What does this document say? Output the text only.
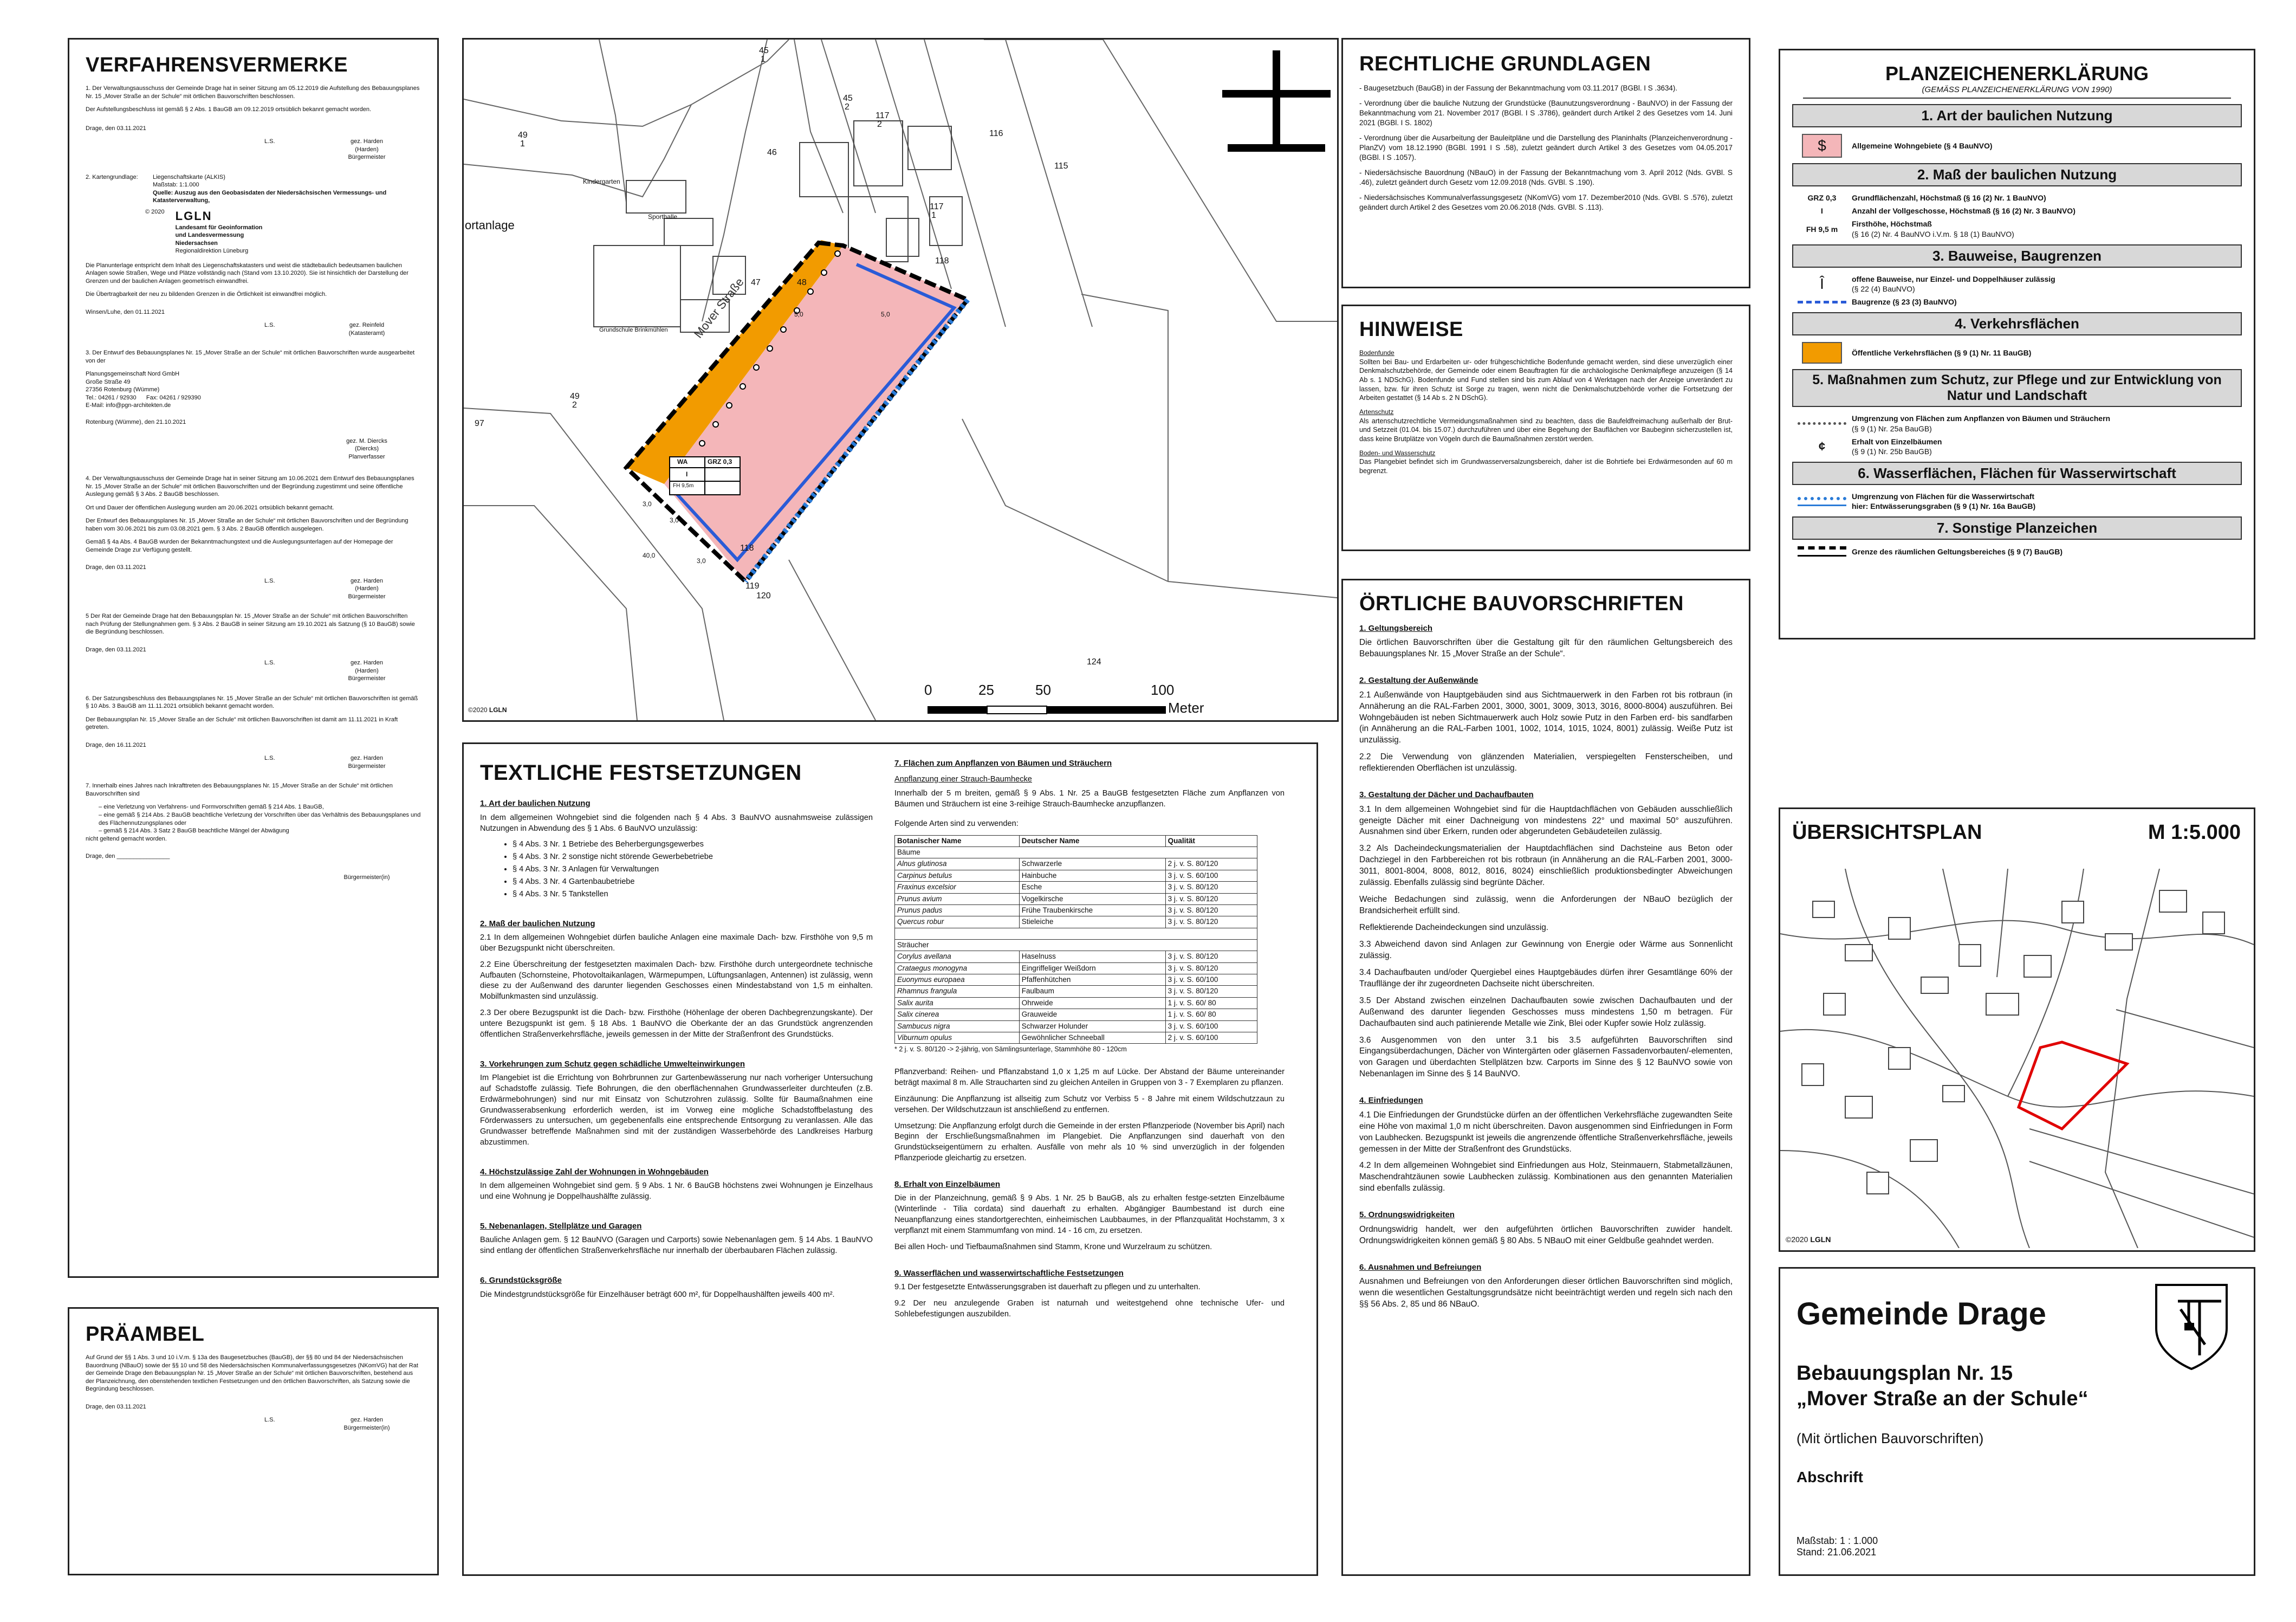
VERFAHRENSVERMERKE

1. Der Verwaltungsausschuss der Gemeinde Drage hat in seiner Sitzung am 05.12.2019 die Aufstellung des Bebauungsplanes Nr. 15 „Mover Straße an der Schule“ mit örtlichen Bauvorschriften beschlossen.

Der Aufstellungsbeschluss ist gemäß § 2 Abs. 1 BauGB am 09.12.2019 ortsüblich bekannt gemacht worden.

Drage, den 03.11.2021

L.S.	gez. Harden
(Harden)
Bürgermeister
2. Kartengrundlage:	Liegenschaftskarte (ALKIS)
Maßstab: 1:1.000
Quelle: Auszug aus den Geobasisdaten der Niedersächsischen Vermessungs- und Katasterverwaltung,
© 2020 LGLN
Landesamt für Geoinformation
und Landesvermessung
Niedersachsen
Regionaldirektion Lüneburg

Die Planunterlage entspricht dem Inhalt des Liegenschaftskatasters und weist die städtebaulich bedeutsamen baulichen Anlagen sowie Straßen, Wege und Plätze vollständig nach (Stand vom 13.10.2020). Sie ist hinsichtlich der Darstellung der Grenzen und der baulichen Anlagen geometrisch einwandfrei.

Die Übertragbarkeit der neu zu bildenden Grenzen in die Örtlichkeit ist einwandfrei möglich.

Winsen/Luhe, den 01.11.2021

L.S.	gez. Reinfeld
(Katasteramt)

3. Der Entwurf des Bebauungsplanes Nr. 15 „Mover Straße an der Schule“ mit örtlichen Bauvorschriften wurde ausgearbeitet von der

Planungsgemeinschaft Nord GmbH
Große Straße 49
27356 Rotenburg (Wümme)
Tel.: 04261 / 92930 Fax: 04261 / 929390
E-Mail: info@pgn-architekten.de

Rotenburg (Wümme), den 21.10.2021

gez. M. Diercks
(Diercks)
Planverfasser

4. Der Verwaltungsausschuss der Gemeinde Drage hat in seiner Sitzung am 10.06.2021 dem Entwurf des Bebauungsplanes Nr. 15 „Mover Straße an der Schule“ mit örtlichen Bauvorschriften und der Begründung zugestimmt und seine öffentliche Auslegung gemäß § 3 Abs. 2 BauGB beschlossen.

Ort und Dauer der öffentlichen Auslegung wurden am 20.06.2021 ortsüblich bekannt gemacht.

Der Entwurf des Bebauungsplanes Nr. 15 „Mover Straße an der Schule“ mit örtlichen Bauvorschriften und der Begründung haben vom 30.06.2021 bis zum 03.08.2021 gem. § 3 Abs. 2 BauGB öffentlich ausgelegen.

Gemäß § 4a Abs. 4 BauGB wurden der Bekanntmachungstext und die Auslegungsunterlagen auf der Homepage der Gemeinde Drage zur Verfügung gestellt.

Drage, den 03.11.2021

L.S.	gez. Harden
(Harden)
Bürgermeister

5 Der Rat der Gemeinde Drage hat den Bebauungsplan Nr. 15 „Mover Straße an der Schule“ mit örtlichen Bauvorschriften nach Prüfung der Stellungnahmen gem. § 3 Abs. 2 BauGB in seiner Sitzung am 19.10.2021 als Satzung (§ 10 BauGB) sowie die Begründung beschlossen.

Drage, den 03.11.2021

L.S.	gez. Harden
(Harden)
Bürgermeister

6. Der Satzungsbeschluss des Bebauungsplanes Nr. 15 „Mover Straße an der Schule“ mit örtlichen Bauvorschriften ist gemäß § 10 Abs. 3 BauGB am 11.11.2021 ortsüblich bekannt gemacht worden.

Der Bebauungsplan Nr. 15 „Mover Straße an der Schule“ mit örtlichen Bauvorschriften ist damit am 11.11.2021 in Kraft getreten.

Drage, den 16.11.2021

L.S.	gez. Harden
Bürgermeister

7. Innerhalb eines Jahres nach Inkrafttreten des Bebauungsplanes Nr. 15 „Mover Straße an der Schule“ mit örtlichen Bauvorschriften sind

– eine Verletzung von Verfahrens- und Formvorschriften gemäß § 214 Abs. 1 BauGB,
– eine gemäß § 214 Abs. 2 BauGB beachtliche Verletzung der Vorschriften über das Verhältnis des Bebauungsplanes und des Flächennutzungsplanes oder
– gemäß § 214 Abs. 3 Satz 2 BauGB beachtliche Mängel der Abwägung

nicht geltend gemacht worden.

Drage, den ________________

Bürgermeister(in)
PRÄAMBEL

Auf Grund der §§ 1 Abs. 3 und 10 i.V.m. § 13a des Baugesetzbuches (BauGB), der §§ 80 und 84 der Niedersächsischen Bauordnung (NBauO) sowie der §§ 10 und 58 des Niedersächsischen Kommunalverfassungsgesetzes (NKomVG) hat der Rat der Gemeinde Drage den Bebauungsplan Nr. 15 „Mover Straße an der Schule“ mit örtlichen Bauvorschriften, bestehend aus der Planzeichnung, den obenstehenden textlichen Festsetzungen und den örtlichen Bauvorschriften, als Satzung sowie die Begründung beschlossen.

Drage, den 03.11.2021

L.S.	gez. Harden
Bürgermeister(in)
45
1
45
2
117
2
116
49
1
46
115
117
1
118
47	48
97
49
2
118
119
120
124
Kindergarten
Sporthalle
Grundschule Brinkmühlen
ortanlage
Mover Straße
WA	GRZ 0,3
I
FH 9,5m
5,0	5,0
3,0
3,0
40,0
3,0
0	25	50	100
Meter
©2020 LGLN
RECHTLICHE GRUNDLAGEN

- Baugesetzbuch (BauGB) in der Fassung der Bekanntmachung vom 03.11.2017 (BGBl. I S .3634).

- Verordnung über die bauliche Nutzung der Grundstücke (Baunutzungsverordnung - BauNVO) in der Fassung der Bekanntmachung vom 21. November 2017 (BGBl. I S .3786), geändert durch Artikel 2 des Gesetzes vom 14. Juni 2021 (BGBl. I S. 1802)

- Verordnung über die Ausarbeitung der Bauleitpläne und die Darstellung des Planinhalts (Planzeichenverordnung - PlanZV) vom 18.12.1990 (BGBl. 1991 I S .58), zuletzt geändert durch Artikel 3 des Gesetzes vom 04.05.2017 (BGBl. I S .1057).

- Niedersächsische Bauordnung (NBauO) in der Fassung der Bekanntmachung vom 3. April 2012 (Nds. GVBl. S .46), zuletzt geändert durch Gesetz vom 12.09.2018 (Nds. GVBl. S .190).

- Niedersächsisches Kommunalverfassungsgesetz (NKomVG) vom 17. Dezember2010 (Nds. GVBl. S .576), zuletzt geändert durch Artikel 2 des Gesetzes vom 20.06.2018 (Nds. GVBl. S .113).

HINWEISE
Bodenfunde

Sollten bei Bau- und Erdarbeiten ur- oder frühgeschichtliche Bodenfunde gemacht werden, sind diese unverzüglich einer Denkmalschutzbehörde, der Gemeinde oder einem Beauftragten für die archäologische Denkmalpflege anzuzeigen (§ 14 Ab s. 1 NDSchG). Bodenfunde und Fund stellen sind bis zum Ablauf von 4 Werktagen nach der Anzeige unverändert zu lassen, bzw. für ihren Schutz ist Sorge zu tragen, wenn nicht die Denkmalschutzbehörde vorher die Fortsetzung der Arbeiten gestattet (§ 14 Ab s. 2 N DSchG).

Artenschutz

Als artenschutzrechtliche Vermeidungsmaßnahmen sind zu beachten, dass die Baufeldfreimachung außerhalb der Brut- und Setzzeit (01.04. bis 15.07.) durchzuführen und über eine Begehung der Bauflächen vor Baubeginn sicherzustellen ist, dass keine Brutplätze von Vögeln durch die Baumaßnahmen zerstört werden.

Boden- und Wasserschutz

Das Plangebiet befindet sich im Grundwasserversalzungsbereich, daher ist die Bohrtiefe bei Erdwärmesonden auf 60 m begrenzt.

ÖRTLICHE BAUVORSCHRIFTEN
1. Geltungsbereich

Die örtlichen Bauvorschriften über die Gestaltung gilt für den räumlichen Geltungsbereich des Bebauungsplanes Nr. 15 „Mover Straße an der Schule“.

2. Gestaltung der Außenwände

2.1 Außenwände von Hauptgebäuden sind aus Sichtmauerwerk in den Farben rot bis rotbraun (in Annäherung an die RAL-Farben 2001, 3000, 3001, 3009, 3013, 3016, 8000-8004) auszuführen. Bei Wohngebäuden ist neben Sichtmauerwerk auch Holz sowie Putz in den Farben erd- bis sandfarben (in Annäherung an die RAL-Farben 1001, 1002, 1014, 1015, 1024, 8001) zulässig. Weiße Putz ist unzulässig.

2.2 Die Verwendung von glänzenden Materialien, verspiegelten Fensterscheiben, und reflektierenden Oberflächen ist unzulässig.

3. Gestaltung der Dächer und Dachaufbauten

3.1 In dem allgemeinen Wohngebiet sind für die Hauptdachflächen von Gebäuden ausschließlich geneigte Dächer mit einer Dachneigung von mindestens 22° und maximal 50° auszuführen. Ausnahmen sind über Erkern, runden oder abgerundeten Gebäudeteilen zulässig.

3.2 Als Dacheindeckungsmaterialien der Hauptdachflächen sind Dachsteine aus Beton oder Dachziegel in den Farbbereichen rot bis rotbraun (in Annäherung an die RAL-Farben 2001, 3000-3011, 8001-8004, 8008, 8012, 8016, 8024) einschließlich produktionsbedingter Abweichungen zulässig. Ebenfalls zulässig sind begrünte Dächer.

Weiche Bedachungen sind zulässig, wenn die Anforderungen der NBauO bezüglich der Brandsicherheit erfüllt sind.

Reflektierende Dacheindeckungen sind unzulässig.

3.3 Abweichend davon sind Anlagen zur Gewinnung von Energie oder Wärme aus Sonnenlicht zulässig.

3.4 Dachaufbauten und/oder Quergiebel eines Hauptgebäudes dürfen ihrer Gesamtlänge 60% der Traufllänge der ihr zugeordneten Dachseite nicht überschreiten.

3.5 Der Abstand zwischen einzelnen Dachaufbauten sowie zwischen Dachaufbauten und der Außenwand des darunter liegenden Geschosses muss mindestens 1,50 m betragen. Für Dachaufbauten sind auch patinierende Metalle wie Zink, Blei oder Kupfer sowie Holz zulässig.

3.6 Ausgenommen von den unter 3.1 bis 3.5 aufgeführten Bauvorschriften sind Eingangsüberdachungen, Dächer von Wintergärten oder gläsernen Fassadenvorbauten/-elementen, von Garagen und überdachten Stellplätzen bzw. Carports im Sinne des § 12 BauNVO sowie von Nebenanlagen im Sinne des § 14 BauNVO.

4. Einfriedungen

4.1 Die Einfriedungen der Grundstücke dürfen an der öffentlichen Verkehrsfläche zugewandten Seite eine Höhe von maximal 1,0 m nicht überschreiten. Davon ausgenommen sind Einfriedungen in Form von Laubhecken. Bezugspunkt ist jeweils die angrenzende öffentliche Straßenverkehrsfläche, jeweils gemessen in der Mitte der Straßenfront des Grundstücks.

4.2 In dem allgemeinen Wohngebiet sind Einfriedungen aus Holz, Steinmauern, Stabmetallzäunen, Maschendrahtzäunen sowie Laubhecken zulässig. Kombinationen aus den genannten Materialien sind ebenfalls zulässig.

5. Ordnungswidrigkeiten

Ordnungswidrig handelt, wer den aufgeführten örtlichen Bauvorschriften zuwider handelt. Ordnungswidrigkeiten können gemäß § 80 Abs. 5 NBauO mit einer Geldbuße geahndet werden.

6. Ausnahmen und Befreiungen

Ausnahmen und Befreiungen von den Anforderungen dieser örtlichen Bauvorschriften sind möglich, wenn die wesentlichen Gestaltungsgrundsätze nicht beeinträchtigt werden und regeln sich nach den §§ 56 Abs. 2, 85 und 86 NBauO.

TEXTLICHE FESTSETZUNGEN
1. Art der baulichen Nutzung

In dem allgemeinen Wohngebiet sind die folgenden nach § 4 Abs. 3 BauNVO ausnahmsweise zulässigen Nutzungen in Abwendung des § 1 Abs. 6 BauNVO unzulässig:

• § 4 Abs. 3 Nr. 1 Betriebe des Beherbergungsgewerbes
• § 4 Abs. 3 Nr. 2 sonstige nicht störende Gewerbebetriebe
• § 4 Abs. 3 Nr. 3 Anlagen für Verwaltungen
• § 4 Abs. 3 Nr. 4 Gartenbaubetriebe
• § 4 Abs. 3 Nr. 5 Tankstellen
2. Maß der baulichen Nutzung

2.1 In dem allgemeinen Wohngebiet dürfen bauliche Anlagen eine maximale Dach- bzw. Firsthöhe von 9,5 m über Bezugspunkt nicht überschreiten.

2.2 Eine Überschreitung der festgesetzten maximalen Dach- bzw. Firsthöhe durch untergeordnete technische Aufbauten (Schornsteine, Photovoltaikanlagen, Wärmepumpen, Lüftungsanlagen, Antennen) ist zulässig, wenn diese zu der Außenwand des darunter liegenden Geschosses einen Mindestabstand von 1,5 m einhalten. Mobilfunkmasten sind unzulässig.

2.3 Der obere Bezugspunkt ist die Dach- bzw. Firsthöhe (Höhenlage der oberen Dachbegrenzungskante). Der untere Bezugspunkt ist gem. § 18 Abs. 1 BauNVO die Oberkante der an das Grundstück angrenzenden öffentlichen Straßenverkehrsfläche, jeweils gemessen in der Mitte der Straßenfront des Grundstücks.

3. Vorkehrungen zum Schutz gegen schädliche Umwelteinwirkungen

Im Plangebiet ist die Errichtung von Bohrbrunnen zur Gartenbewässerung nur nach vorheriger Untersuchung auf Schadstoffe zulässig. Tiefe Bohrungen, die den oberflächennahen Grundwasserleiter durchteufen (z.B. Erdwärmebohrungen) sind nur mit Einsatz von Schutzrohren zulässig. Sollte für Baumaßnahmen eine Grundwasserabsenkung erforderlich werden, ist im Vorweg eine mögliche Schadstoffbelastung des Förderwassers zu untersuchen, um gegebenenfalls eine entsprechende Entsorgung zu veranlassen. Alle das Grundwasser betreffende Maßnahmen sind mit der zuständigen Wasserbehörde des Landkreises Harburg abzustimmen.

4. Höchstzulässige Zahl der Wohnungen in Wohngebäuden

In dem allgemeinen Wohngebiet sind gem. § 9 Abs. 1 Nr. 6 BauGB höchstens zwei Wohnungen je Einzelhaus und eine Wohnung je Doppelhaushälfte zulässig.

5. Nebenanlagen, Stellplätze und Garagen

Bauliche Anlagen gem. § 12 BauNVO (Garagen und Carports) sowie Nebenanlagen gem. § 14 Abs. 1 BauNVO sind entlang der öffentlichen Straßenverkehrsfläche nur innerhalb der überbaubaren Flächen zulässig.

6. Grundstücksgröße

Die Mindestgrundstücksgröße für Einzelhäuser beträgt 600 m², für Doppelhaushälften jeweils 400 m².

7. Flächen zum Anpflanzen von Bäumen und Sträuchern
Anpflanzung einer Strauch-Baumhecke

Innerhalb der 5 m breiten, gemäß § 9 Abs. 1 Nr. 25 a BauGB festgesetzten Fläche zum Anpflanzen von Bäumen und Sträuchern ist eine 3-reihige Strauch-Baumhecke anzupflanzen.

Folgende Arten sind zu verwenden:

Botanischer Name	Deutscher Name	Qualität
Bäume		
Alnus glutinosa	Schwarzerle	2 j. v. S. 80/120
Carpinus betulus	Hainbuche	3 j. v. S. 60/100
Fraxinus excelsior	Esche	3 j. v. S. 80/120
Prunus avium	Vogelkirsche	3 j. v. S. 80/120
Prunus padus	Frühe Traubenkirsche	3 j. v. S. 80/120
Quercus robur	Stieleiche	3 j. v. S. 80/120

Sträucher		
Corylus avellana	Haselnuss	3 j. v. S. 80/120
Crataegus monogyna	Eingriffeliger Weißdorn	3 j. v. S. 80/120
Euonymus europaea	Pfaffenhütchen	3 j. v. S. 60/100
Rhamnus frangula	Faulbaum	3 j. v. S. 80/120
Salix aurita	Ohrweide	1 j. v. S. 60/ 80
Salix cinerea	Grauweide	1 j. v. S. 60/ 80
Sambucus nigra	Schwarzer Holunder	3 j. v. S. 60/100
Viburnum opulus	Gewöhnlicher Schneeball	2 j. v. S. 60/100
* 2 j. v. S. 80/120 -> 2-jährig, von Sämlingsunterlage, Stammhöhe 80 - 120cm

Pflanzverband: Reihen- und Pflanzabstand 1,0 x 1,25 m auf Lücke. Der Abstand der Bäume untereinander beträgt maximal 8 m. Alle Straucharten sind zu gleichen Anteilen in Gruppen von 3 - 7 Exemplaren zu pflanzen.

Einzäunung: Die Anpflanzung ist allseitig zum Schutz vor Verbiss 5 - 8 Jahre mit einem Wildschutzzaun zu versehen. Der Wildschutzzaun ist anschließend zu entfernen.

Umsetzung: Die Anpflanzung erfolgt durch die Gemeinde in der ersten Pflanzperiode (November bis April) nach Beginn der Erschließungsmaßnahmen im Plangebiet. Die Anpflanzungen sind dauerhaft von den Grundstückseigentümern zu erhalten. Ausfälle von mehr als 10 % sind unverzüglich in der folgenden Pflanzperiode gleichartig zu ersetzen.

8. Erhalt von Einzelbäumen

Die in der Planzeichnung, gemäß § 9 Abs. 1 Nr. 25 b BauGB, als zu erhalten festge-setzten Einzelbäume (Winterlinde - Tilia cordata) sind dauerhaft zu erhalten. Abgängiger Baumbestand ist durch eine Neuanpflanzung eines standortgerechten, einheimischen Laubbaumes, in der Pflanzqualität Hochstamm, 3 x verpflanzt mit einem Stammumfang von mind. 14 - 16 cm, zu ersetzen.

Bei allen Hoch- und Tiefbaumaßnahmen sind Stamm, Krone und Wurzelraum zu schützen.

9. Wasserflächen und wasserwirtschaftliche Festsetzungen

9.1 Der festgesetzte Entwässerungsgraben ist dauerhaft zu pflegen und zu unterhalten.

9.2 Der neu anzulegende Graben ist naturnah und weitestgehend ohne technische Ufer- und Sohlebefestigungen auszubilden.

PLANZEICHENERKLÄRUNG
(GEMÄSS PLANZEICHENERKLÄRUNG VON 1990)
1. Art der baulichen Nutzung
$	Allgemeine Wohngebiete (§ 4 BauNVO)
2. Maß der baulichen Nutzung
GRZ 0,3	Grundflächenzahl, Höchstmaß (§ 16 (2) Nr. 1 BauNVO)
I	Anzahl der Vollgeschosse, Höchstmaß (§ 16 (2) Nr. 3 BauNVO)
FH 9,5 m
Firsthöhe, Höchstmaß
(§ 16 (2) Nr. 4 BauNVO i.V.m. § 18 (1) BauNVO)
3. Bauweise, Baugrenzen
Î	offene Bauweise, nur Einzel- und Doppelhäuser zulässig
(§ 22 (4) BauNVO)
Baugrenze (§ 23 (3) BauNVO)
4. Verkehrsflächen
Öffentliche Verkehrsflächen (§ 9 (1) Nr. 11 BauGB)
5. Maßnahmen zum Schutz, zur Pflege und zur Entwicklung von Natur und Landschaft
Umgrenzung von Flächen zum Anpflanzen von Bäumen und Sträuchern
(§ 9 (1) Nr. 25a BauGB)
¢	Erhalt von Einzelbäumen
(§ 9 (1) Nr. 25b BauGB)
6. Wasserflächen, Flächen für Wasserwirtschaft
Umgrenzung von Flächen für die Wasserwirtschaft
hier: Entwässerungsgraben (§ 9 (1) Nr. 16a BauGB)
7. Sonstige Planzeichen
Grenze des räumlichen Geltungsbereiches (§ 9 (7) BauGB)
ÜBERSICHTSPLAN	M 1:5.000
©2020 LGLN
Gemeinde Drage
Bebauungsplan Nr. 15
„Mover Straße an der Schule“
(Mit örtlichen Bauvorschriften)
Abschrift
Maßstab: 1 : 1.000
Stand: 21.06.2021
